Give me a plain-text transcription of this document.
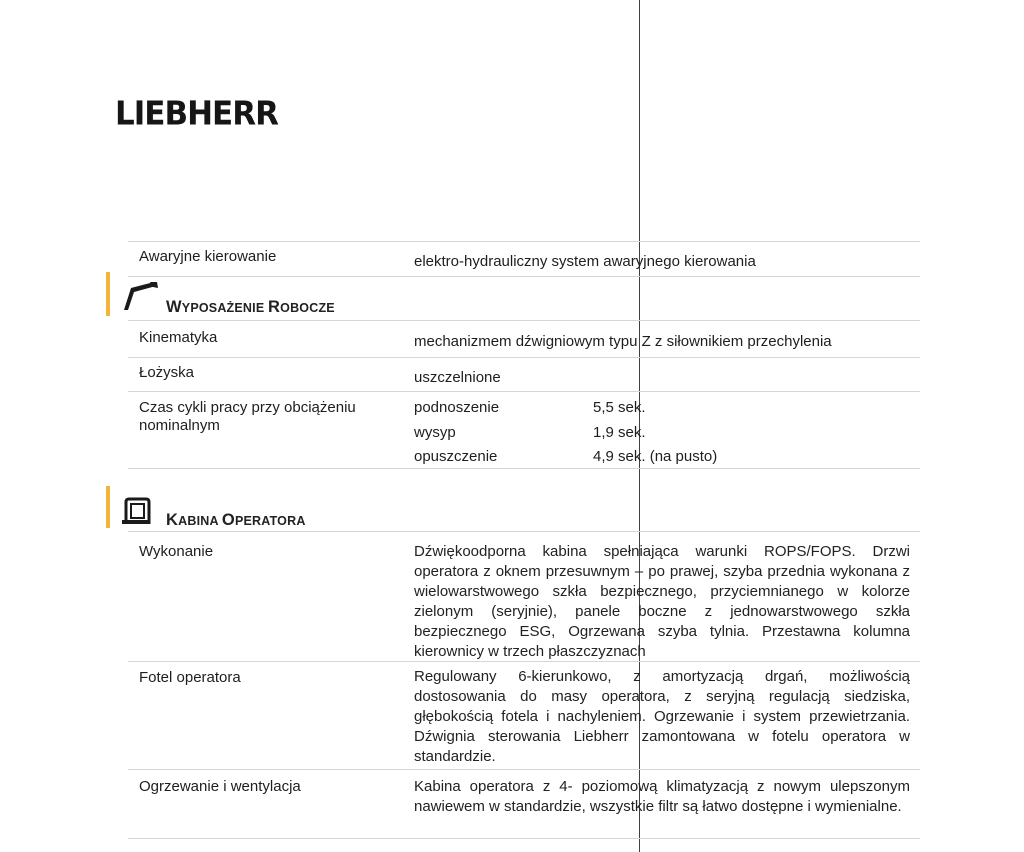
LIEBHERR
Awaryjne kierowanie	elektro-hydrauliczny system awaryjnego kierowania
WYPOSAŻENIE ROBOCZE
Kinematyka	mechanizmem dźwigniowym typu Z z siłownikiem przechylenia
Łożyska	uszczelnione
Czas cykli pracy przy obciążeniu
nominalnym
podnoszenie	5,5 sek.
wysyp	1,9 sek.
opuszczenie	4,9 sek. (na pusto)
KABINA OPERATORA
Wykonanie	Dźwiękoodporna kabina spełniająca warunki ROPS/FOPS. Drzwi operatora z oknem przesuwnym – po prawej, szyba przednia wykonana z wielowarstwowego szkła bezpiecznego, przyciemnianego w kolorze zielonym (seryjnie), panele boczne z jednowarstwowego szkła bezpiecznego ESG, Ogrzewana szyba tylnia. Przestawna kolumna kierownicy w trzech płaszczyznach
Fotel operatora	Regulowany 6-kierunkowo, z amortyzacją drgań, możliwością dostosowania do masy operatora, z seryjną regulacją siedziska, głębokością fotela i nachyleniem. Ogrzewanie i system przewietrzania. Dźwignia sterowania Liebherr zamontowana w fotelu operatora w standardzie.
Ogrzewanie i wentylacja	Kabina operatora z 4- poziomową klimatyzacją z nowym ulepszonym nawiewem w standardzie, wszystkie filtr są łatwo dostępne i wymienialne.
